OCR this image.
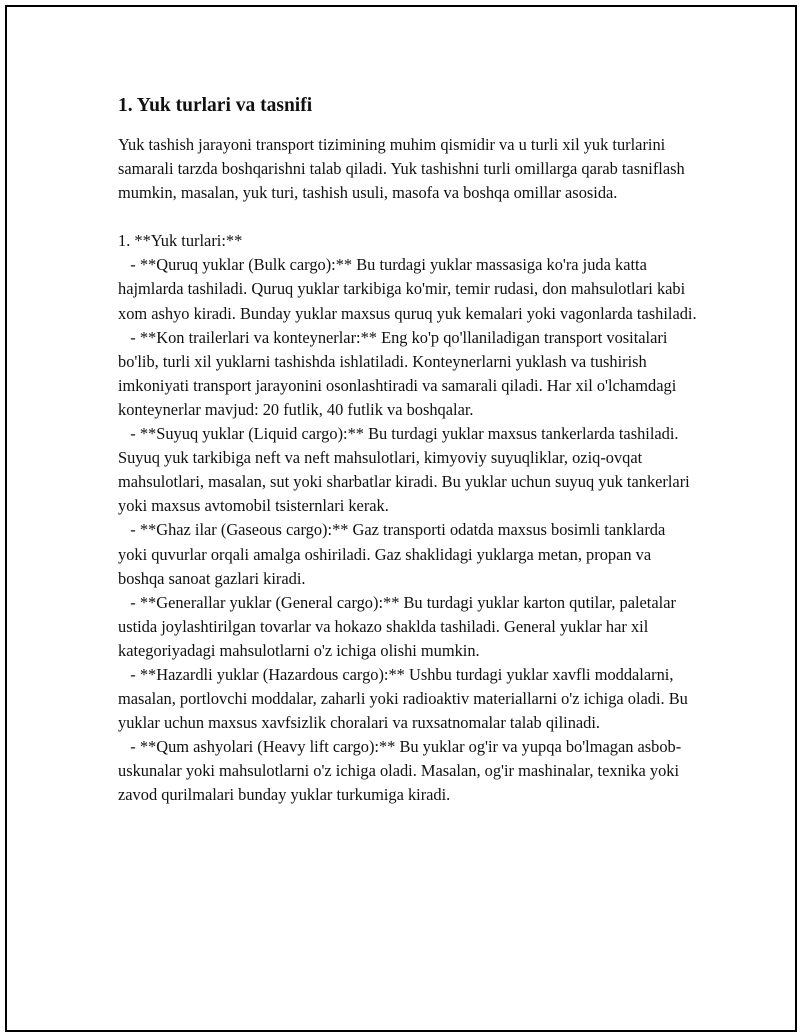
1. Yuk turlari va tasnifi

Yuk tashish jarayoni transport tizimining muhim qismidir va u turli xil yuk turlarini samarali tarzda boshqarishni talab qiladi. Yuk tashishni turli omillarga qarab tasniflash mumkin, masalan, yuk turi, tashish usuli, masofa va boshqa omillar asosida.

1. **Yuk turlari:**

- **Quruq yuklar (Bulk cargo):** Bu turdagi yuklar massasiga ko'ra juda katta hajmlarda tashiladi. Quruq yuklar tarkibiga ko'mir, temir rudasi, don mahsulotlari kabi xom ashyo kiradi. Bunday yuklar maxsus quruq yuk kemalari yoki vagonlarda tashiladi.

- **Kon trailerlari va konteynerlar:** Eng ko'p qo'llaniladigan transport vositalari bo'lib, turli xil yuklarni tashishda ishlatiladi. Konteynerlarni yuklash va tushirish imkoniyati transport jarayonini osonlashtiradi va samarali qiladi. Har xil o'lchamdagi konteynerlar mavjud: 20 futlik, 40 futlik va boshqalar.

- **Suyuq yuklar (Liquid cargo):** Bu turdagi yuklar maxsus tankerlarda tashiladi. Suyuq yuk tarkibiga neft va neft mahsulotlari, kimyoviy suyuqliklar, oziq-ovqat mahsulotlari, masalan, sut yoki sharbatlar kiradi. Bu yuklar uchun suyuq yuk tankerlari yoki maxsus avtomobil tsisternlari kerak.

- **Ghaz ilar (Gaseous cargo):** Gaz transporti odatda maxsus bosimli tanklarda yoki quvurlar orqali amalga oshiriladi. Gaz shaklidagi yuklarga metan, propan va boshqa sanoat gazlari kiradi.

- **Generallar yuklar (General cargo):** Bu turdagi yuklar karton qutilar, paletalar ustida joylashtirilgan tovarlar va hokazo shaklda tashiladi. General yuklar har xil kategoriyadagi mahsulotlarni o'z ichiga olishi mumkin.

- **Hazardli yuklar (Hazardous cargo):** Ushbu turdagi yuklar xavfli moddalarni, masalan, portlovchi moddalar, zaharli yoki radioaktiv materiallarni o'z ichiga oladi. Bu yuklar uchun maxsus xavfsizlik choralari va ruxsatnomalar talab qilinadi.

- **Qum ashyolari (Heavy lift cargo):** Bu yuklar og'ir va yupqa bo'lmagan asbob-uskunalar yoki mahsulotlarni o'z ichiga oladi. Masalan, og'ir mashinalar, texnika yoki zavod qurilmalari bunday yuklar turkumiga kiradi.
